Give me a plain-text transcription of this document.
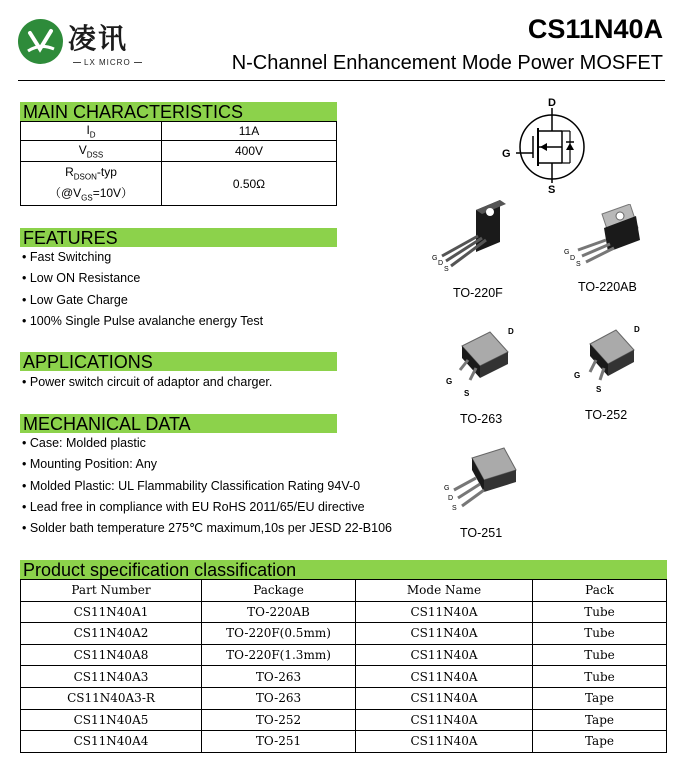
凌讯
LX MICRO
CS11N40A
N-Channel Enhancement Mode Power MOSFET
MAIN CHARACTERISTICS
$I_D$	11A
$V_{DSS}$	400V

$R_{DSON}$-typ
$(@V_{GS}=10V)$	0.50Ω
FEATURES
• Fast Switching
• Low ON Resistance
• Low Gate Charge
• 100% Single Pulse avalanche energy Test
APPLICATIONS
• Power switch circuit of adaptor and charger.
MECHANICAL DATA
• Case: Molded plastic
• Mounting Position: Any
• Molded Plastic: UL Flammability Classification Rating 94V-0
• Lead free in compliance with EU RoHS 2011/65/EU directive
• Solder bath temperature 275℃ maximum,10s per JESD 22-B106
D
G
S
G
D
S
TO-220F
G
D
S
TO-220AB
D
G
S
TO-263
D
G
S
TO-252
G
D
S
TO-251
Product specification classification
Part Number	Package	Mode Name	Pack
CS11N40A1	TO-220AB	CS11N40A	Tube
CS11N40A2	TO-220F(0.5mm)	CS11N40A	Tube
CS11N40A8	TO-220F(1.3mm)	CS11N40A	Tube
CS11N40A3	TO-263	CS11N40A	Tube
CS11N40A3-R	TO-263	CS11N40A	Tape
CS11N40A5	TO-252	CS11N40A	Tape
CS11N40A4	TO-251	CS11N40A	Tape
